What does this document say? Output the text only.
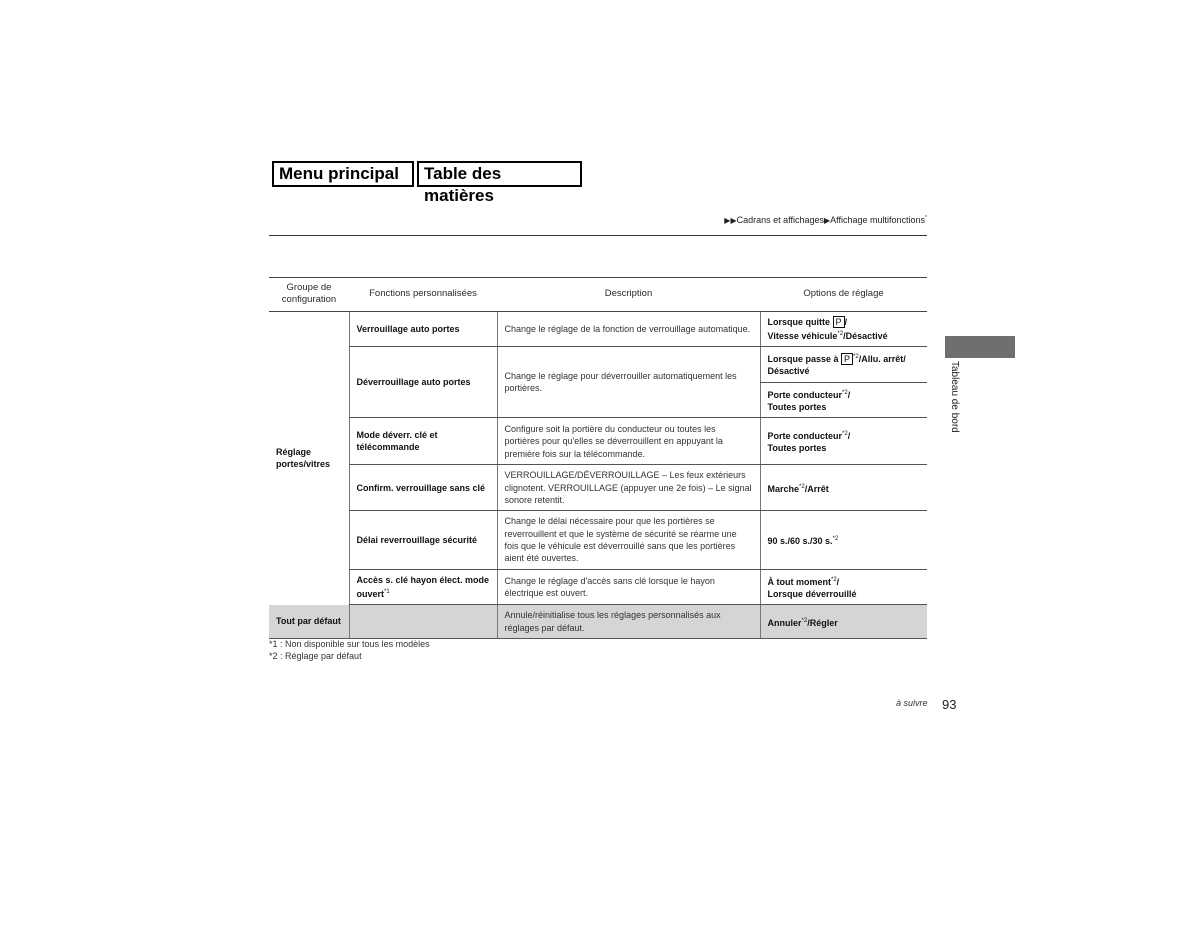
Menu principal	Table des matières
▶▶Cadrans et affichages▶Affichage multifonctions*
Tableau de bord
Groupe de configuration	Fonctions personnalisées	Description	Options de réglage
Réglage portes/vitres	Verrouillage auto portes	Change le réglage de la fonction de verrouillage automatique.	Lorsque quitte P /
Vitesse véhicule$^{*2}$/Désactivé
	Déverrouillage auto portes	Change le réglage pour déverrouiller automatiquement les portières.	Lorsque passe à P $^{*2}$/Allu. arrêt/
Désactivé
			Porte conducteur$^{*2}$/
Toutes portes
	Mode déverr. clé et télécommande	Configure soit la portière du conducteur ou toutes les portières pour qu'elles se déverrouillent en appuyant la première fois sur la télécommande.	Porte conducteur$^{*2}$/
Toutes portes
	Confirm. verrouillage sans clé	VERROUILLAGE/DÉVERROUILLAGE – Les feux extérieurs clignotent. VERROUILLAGE (appuyer une 2e fois) – Le signal sonore retentit.	Marche$^{*2}$/Arrêt
	Délai reverrouillage sécurité	Change le délai nécessaire pour que les portières se reverrouillent et que le système de sécurité se réarme une fois que le véhicule est déverrouillé sans que les portières aient été ouvertes.	90 s./60 s./30 s.$^{*2}$
	Accès s. clé hayon élect. mode ouvert$^{*1}$	Change le réglage d'accès sans clé lorsque le hayon électrique est ouvert.	À tout moment$^{*2}$/
Lorsque déverrouillé
Tout par défaut		Annule/réinitialise tous les réglages personnalisés aux réglages par défaut.	Annuler$^{*2}$/Régler
*1 : Non disponible sur tous les modèles
*2 : Réglage par défaut
à suivre 93
